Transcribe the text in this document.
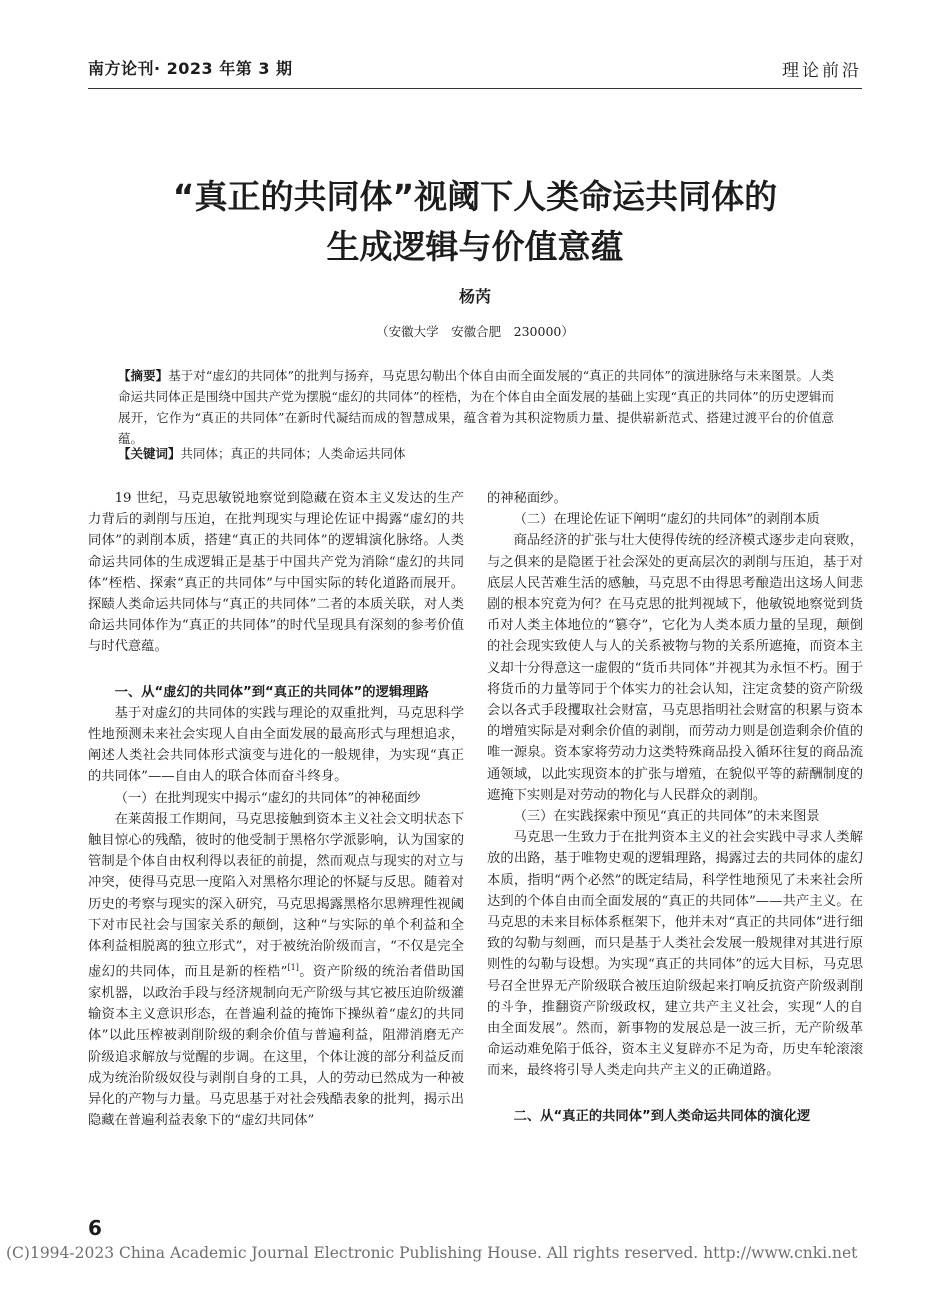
南方论刊· 2023 年第 3 期	理论前沿
“真正的共同体”视阈下人类命运共同体的
生成逻辑与价值意蕴
杨芮
（安徽大学　安徽合肥　230000）
【摘要】基于对“虚幻的共同体”的批判与扬弃，马克思勾勒出个体自由而全面发展的“真正的共同体”的演进脉络与未来图景。人类命运共同体正是围绕中国共产党为摆脱“虚幻的共同体”的桎梏，为在个体自由全面发展的基础上实现“真正的共同体”的历史逻辑而展开，它作为“真正的共同体”在新时代凝结而成的智慧成果，蕴含着为其积淀物质力量、提供崭新范式、搭建过渡平台的价值意蕴。
【关键词】共同体；真正的共同体；人类命运共同体

19 世纪，马克思敏锐地察觉到隐藏在资本主义发达的生产力背后的剥削与压迫，在批判现实与理论佐证中揭露“虚幻的共同体”的剥削本质，搭建“真正的共同体”的逻辑演化脉络。人类命运共同体的生成逻辑正是基于中国共产党为消除“虚幻的共同体”桎梏、探索“真正的共同体”与中国实际的转化道路而展开。探赜人类命运共同体与“真正的共同体”二者的本质关联，对人类命运共同体作为“真正的共同体”的时代呈现具有深刻的参考价值与时代意蕴。

一、从“虚幻的共同体”到“真正的共同体”的逻辑理路

基于对虚幻的共同体的实践与理论的双重批判，马克思科学性地预测未来社会实现人自由全面发展的最高形式与理想追求，阐述人类社会共同体形式演变与进化的一般规律，为实现“真正的共同体”——自由人的联合体而奋斗终身。

（一）在批判现实中揭示“虚幻的共同体”的神秘面纱

在莱茵报工作期间，马克思接触到资本主义社会文明状态下触目惊心的残酷，彼时的他受制于黑格尔学派影响，认为国家的管制是个体自由权利得以表征的前提，然而观点与现实的对立与冲突，使得马克思一度陷入对黑格尔理论的怀疑与反思。随着对历史的考察与现实的深入研究，马克思揭露黑格尔思辨理性视阈下对市民社会与国家关系的颠倒，这种“与实际的单个利益和全体利益相脱离的独立形式”，对于被统治阶级而言，“不仅是完全虚幻的共同体，而且是新的桎梏”[1]。资产阶级的统治者借助国家机器，以政治手段与经济规制向无产阶级与其它被压迫阶级灌输资本主义意识形态，在普遍利益的掩饰下操纵着“虚幻的共同体”以此压榨被剥削阶级的剩余价值与普遍利益，阻滞消磨无产阶级追求解放与觉醒的步调。在这里，个体让渡的部分利益反而成为统治阶级奴役与剥削自身的工具，人的劳动已然成为一种被异化的产物与力量。马克思基于对社会残酷表象的批判，揭示出隐藏在普遍利益表象下的“虚幻共同体”

的神秘面纱。

（二）在理论佐证下阐明“虚幻的共同体”的剥削本质

商品经济的扩张与壮大使得传统的经济模式逐步走向衰败，与之俱来的是隐匿于社会深处的更高层次的剥削与压迫，基于对底层人民苦难生活的感触，马克思不由得思考酿造出这场人间悲剧的根本究竟为何？在马克思的批判视域下，他敏锐地察觉到货币对人类主体地位的“篡夺”，它化为人类本质力量的呈现，颠倒的社会现实致使人与人的关系被物与物的关系所遮掩，而资本主义却十分得意这一虚假的“货币共同体”并视其为永恒不朽。囿于将货币的力量等同于个体实力的社会认知，注定贪婪的资产阶级会以各式手段攫取社会财富，马克思指明社会财富的积累与资本的增殖实际是对剩余价值的剥削，而劳动力则是创造剩余价值的唯一源泉。资本家将劳动力这类特殊商品投入循环往复的商品流通领域，以此实现资本的扩张与增殖，在貌似平等的薪酬制度的遮掩下实则是对劳动的物化与人民群众的剥削。

（三）在实践探索中预见“真正的共同体”的未来图景

马克思一生致力于在批判资本主义的社会实践中寻求人类解放的出路，基于唯物史观的逻辑理路，揭露过去的共同体的虚幻本质，指明“两个必然”的既定结局，科学性地预见了未来社会所达到的个体自由而全面发展的“真正的共同体”——共产主义。在马克思的未来目标体系框架下，他并未对“真正的共同体”进行细致的勾勒与刻画，而只是基于人类社会发展一般规律对其进行原则性的勾勒与设想。为实现“真正的共同体”的远大目标，马克思号召全世界无产阶级联合被压迫阶级起来打响反抗资产阶级剥削的斗争，推翻资产阶级政权，建立共产主义社会，实现“人的自由全面发展”。然而，新事物的发展总是一波三折，无产阶级革命运动难免陷于低谷，资本主义复辟亦不足为奇，历史车轮滚滚而来，最终将引导人类走向共产主义的正确道路。

二、从“真正的共同体”到人类命运共同体的演化逻
6
(C)1994-2023 China Academic Journal Electronic Publishing House. All rights reserved. http://www.cnki.net
